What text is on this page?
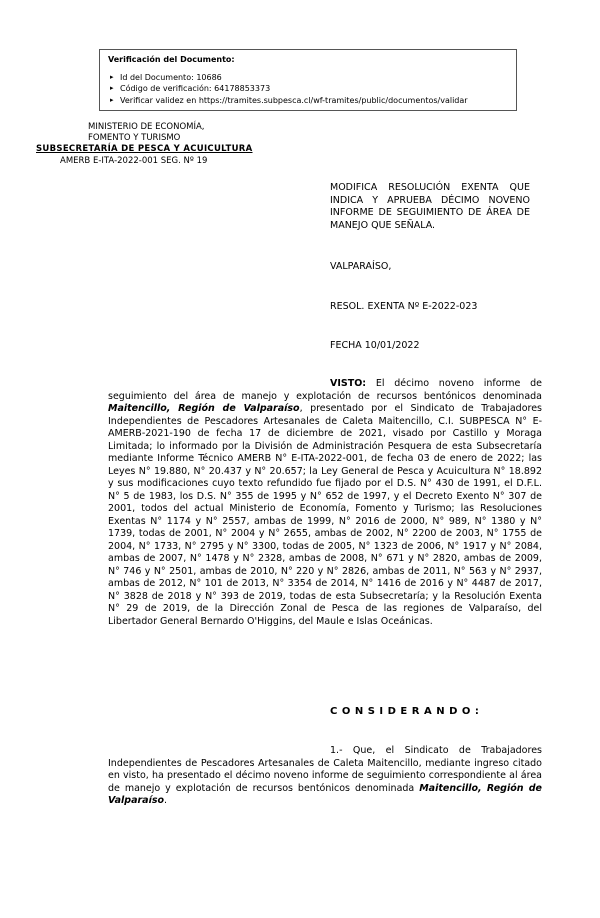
Verificación del Documento:
▸ Id del Documento: 10686
▸ Código de verificación: 64178853373
▸ Verificar validez en https://tramites.subpesca.cl/wf-tramites/public/documentos/validar
MINISTERIO DE ECONOMÍA,
FOMENTO Y TURISMO
SUBSECRETARÍA DE PESCA Y ACUICULTURA
AMERB E-ITA-2022-001 SEG. Nº 19
MODIFICA RESOLUCIÓN EXENTA QUE INDICA Y APRUEBA DÉCIMO NOVENO INFORME DE SEGUIMIENTO DE ÁREA DE MANEJO QUE SEÑALA.
VALPARAÍSO,
RESOL. EXENTA Nº E-2022-023
FECHA 10/01/2022
VISTO: El décimo noveno informe de seguimiento del área de manejo y explotación de recursos bentónicos denominada Maitencillo, Región de Valparaíso, presentado por el Sindicato de Trabajadores Independientes de Pescadores Artesanales de Caleta Maitencillo, C.I. SUBPESCA N° E-AMERB-2021-190 de fecha 17 de diciembre de 2021, visado por Castillo y Moraga Limitada; lo informado por la División de Administración Pesquera de esta Subsecretaría mediante Informe Técnico AMERB N° E-ITA-2022-001, de fecha 03 de enero de 2022; las Leyes N° 19.880, N° 20.437 y N° 20.657; la Ley General de Pesca y Acuicultura N° 18.892 y sus modificaciones cuyo texto refundido fue fijado por el D.S. N° 430 de 1991, el D.F.L. N° 5 de 1983, los D.S. N° 355 de 1995 y N° 652 de 1997, y el Decreto Exento N° 307 de 2001, todos del actual Ministerio de Economía, Fomento y Turismo; las Resoluciones Exentas N° 1174 y N° 2557, ambas de 1999, N° 2016 de 2000, N° 989, N° 1380 y N° 1739, todas de 2001, N° 2004 y N° 2655, ambas de 2002, N° 2200 de 2003, N° 1755 de 2004, N° 1733, N° 2795 y N° 3300, todas de 2005, N° 1323 de 2006, N° 1917 y N° 2084, ambas de 2007, N° 1478 y N° 2328, ambas de 2008, N° 671 y N° 2820, ambas de 2009, N° 746 y N° 2501, ambas de 2010, N° 220 y N° 2826, ambas de 2011, N° 563 y N° 2937, ambas de 2012, N° 101 de 2013, N° 3354 de 2014, N° 1416 de 2016 y N° 4487 de 2017, N° 3828 de 2018 y N° 393 de 2019, todas de esta Subsecretaría; y la Resolución Exenta N° 29 de 2019, de la Dirección Zonal de Pesca de las regiones de Valparaíso, del Libertador General Bernardo O'Higgins, del Maule e Islas Oceánicas.
CONSIDERANDO:
1.- Que, el Sindicato de Trabajadores Independientes de Pescadores Artesanales de Caleta Maitencillo, mediante ingreso citado en visto, ha presentado el décimo noveno informe de seguimiento correspondiente al área de manejo y explotación de recursos bentónicos denominada Maitencillo, Región de Valparaíso.
